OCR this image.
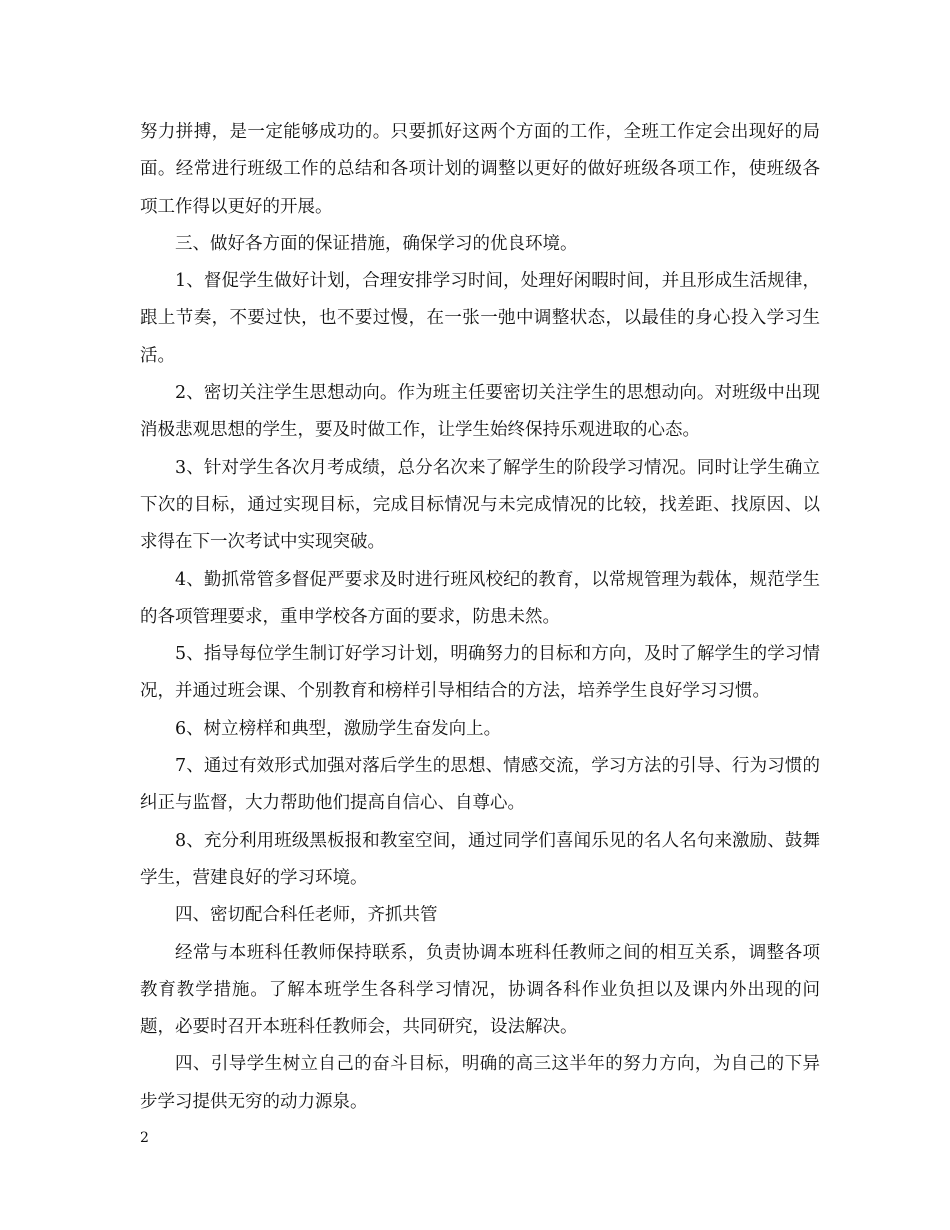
努力拼搏，是一定能够成功的。只要抓好这两个方面的工作，全班工作定会出现好的局面。经常进行班级工作的总结和各项计划的调整以更好的做好班级各项工作，使班级各项工作得以更好的开展。

三、做好各方面的保证措施，确保学习的优良环境。

1、督促学生做好计划，合理安排学习时间，处理好闲暇时间，并且形成生活规律，跟上节奏，不要过快，也不要过慢，在一张一弛中调整状态，以最佳的身心投入学习生活。

2、密切关注学生思想动向。作为班主任要密切关注学生的思想动向。对班级中出现消极悲观思想的学生，要及时做工作，让学生始终保持乐观进取的心态。

3、针对学生各次月考成绩，总分名次来了解学生的阶段学习情况。同时让学生确立下次的目标，通过实现目标，完成目标情况与未完成情况的比较，找差距、找原因、以求得在下一次考试中实现突破。

4、勤抓常管多督促严要求及时进行班风校纪的教育，以常规管理为载体，规范学生的各项管理要求，重申学校各方面的要求，防患未然。

5、指导每位学生制订好学习计划，明确努力的目标和方向，及时了解学生的学习情况，并通过班会课、个别教育和榜样引导相结合的方法，培养学生良好学习习惯。

6、树立榜样和典型，激励学生奋发向上。

7、通过有效形式加强对落后学生的思想、情感交流，学习方法的引导、行为习惯的纠正与监督，大力帮助他们提高自信心、自尊心。

8、充分利用班级黑板报和教室空间，通过同学们喜闻乐见的名人名句来激励、鼓舞学生，营建良好的学习环境。

四、密切配合科任老师，齐抓共管

经常与本班科任教师保持联系，负责协调本班科任教师之间的相互关系，调整各项教育教学措施。了解本班学生各科学习情况，协调各科作业负担以及课内外出现的问题，必要时召开本班科任教师会，共同研究，设法解决。

四、引导学生树立自己的奋斗目标，明确的高三这半年的努力方向，为自己的下异步学习提供无穷的动力源泉。

2
